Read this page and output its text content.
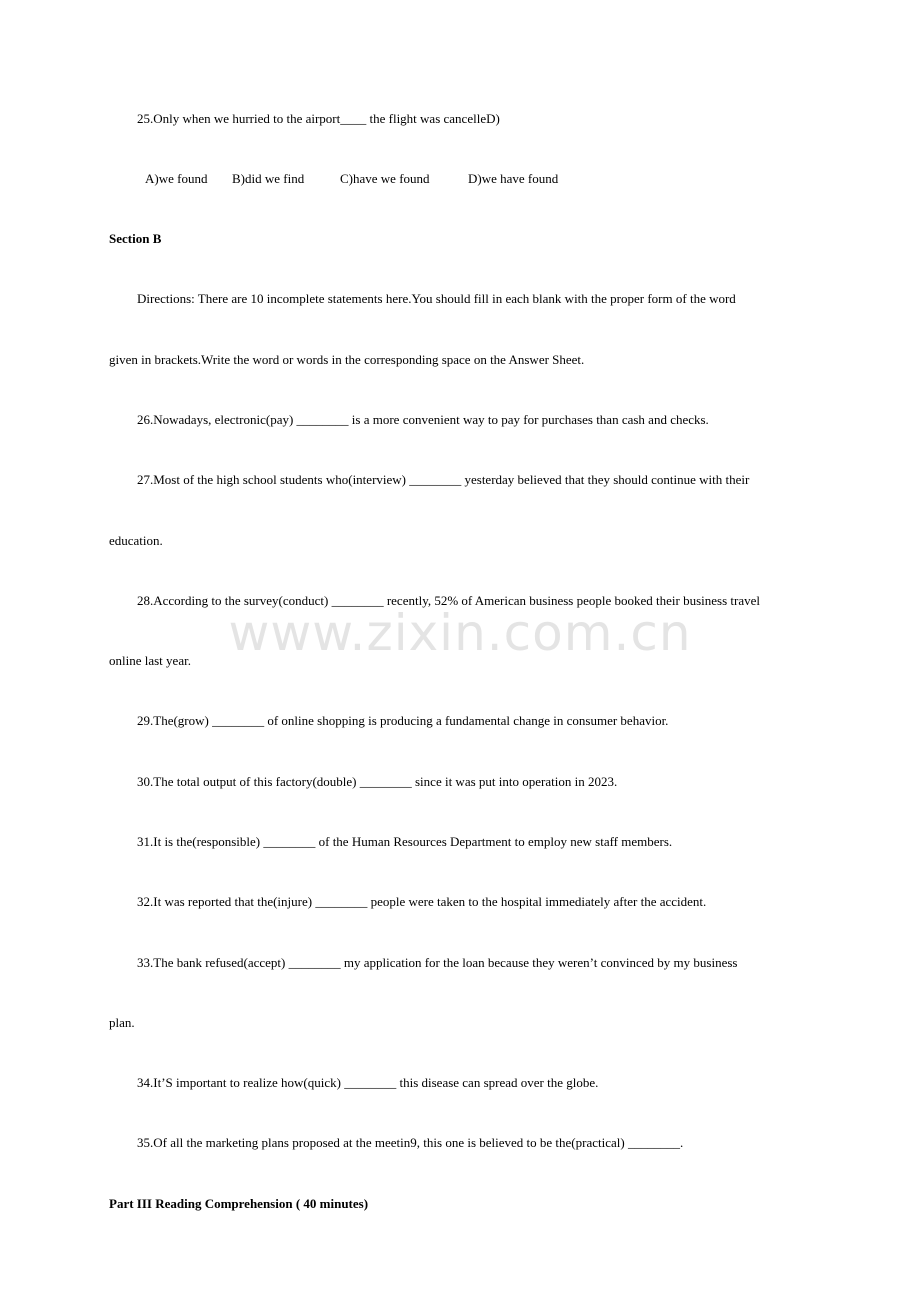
25.Only when we hurried to the airport____ the flight was cancelleD)
A)we found B)did we find	C)have we found	D)we have found
Section B
Directions: There are 10 incomplete statements here.You should fill in each blank with the proper form of the word
given in brackets.Write the word or words in the corresponding space on the Answer Sheet.
26.Nowadays, electronic(pay) ________ is a more convenient way to pay for purchases than cash and checks.
27.Most of the high school students who(interview) ________ yesterday believed that they should continue with their
education.
28.According to the survey(conduct) ________ recently, 52% of American business people booked their business travel
online last year.
29.The(grow) ________ of online shopping is producing a fundamental change in consumer behavior.
30.The total output of this factory(double) ________ since it was put into operation in 2023.
31.It is the(responsible) ________ of the Human Resources Department to employ new staff members.
32.It was reported that the(injure) ________ people were taken to the hospital immediately after the accident.
33.The bank refused(accept) ________ my application for the loan because they weren’t convinced by my business
plan.
34.It’S important to realize how(quick) ________ this disease can spread over the globe.
35.Of all the marketing plans proposed at the meetin9, this one is believed to be the(practical) ________.
Part III Reading Comprehension ( 40 minutes)
www.zixin.com.cn
